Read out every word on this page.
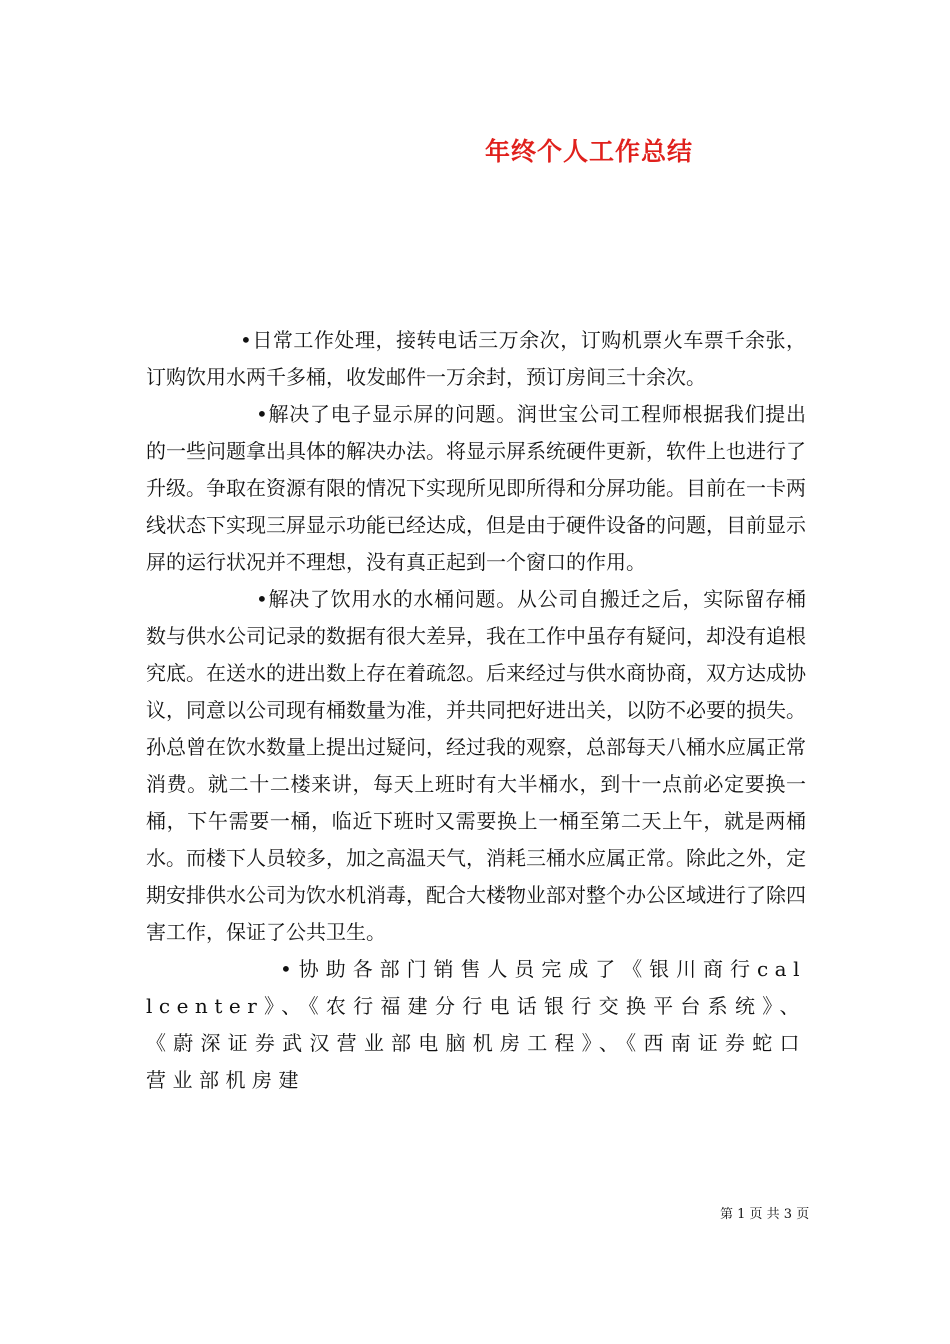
年终个人工作总结

•日常工作处理，接转电话三万余次，订购机票火车票千余张，订购饮用水两千多桶，收发邮件一万余封，预订房间三十余次。

•解决了电子显示屏的问题。润世宝公司工程师根据我们提出的一些问题拿出具体的解决办法。将显示屏系统硬件更新，软件上也进行了升级。争取在资源有限的情况下实现所见即所得和分屏功能。目前在一卡两线状态下实现三屏显示功能已经达成，但是由于硬件设备的问题，目前显示屏的运行状况并不理想，没有真正起到一个窗口的作用。

•解决了饮用水的水桶问题。从公司自搬迁之后，实际留存桶数与供水公司记录的数据有很大差异，我在工作中虽存有疑问，却没有追根究底。在送水的进出数上存在着疏忽。后来经过与供水商协商，双方达成协议，同意以公司现有桶数量为准，并共同把好进出关，以防不必要的损失。孙总曾在饮水数量上提出过疑问，经过我的观察，总部每天八桶水应属正常消费。就二十二楼来讲，每天上班时有大半桶水，到十一点前必定要换一桶，下午需要一桶，临近下班时又需要换上一桶至第二天上午，就是两桶水。而楼下人员较多，加之高温天气，消耗三桶水应属正常。除此之外，定期安排供水公司为饮水机消毒，配合大楼物业部对整个办公区域进行了除四害工作，保证了公共卫生。

•协助各部门销售人员完成了《银川商行callcenter》、《农行福建分行电话银行交换平台系统》、《蔚深证券武汉营业部电脑机房工程》、《西南证券蛇口营业部机房建

第 1 页 共 3 页
